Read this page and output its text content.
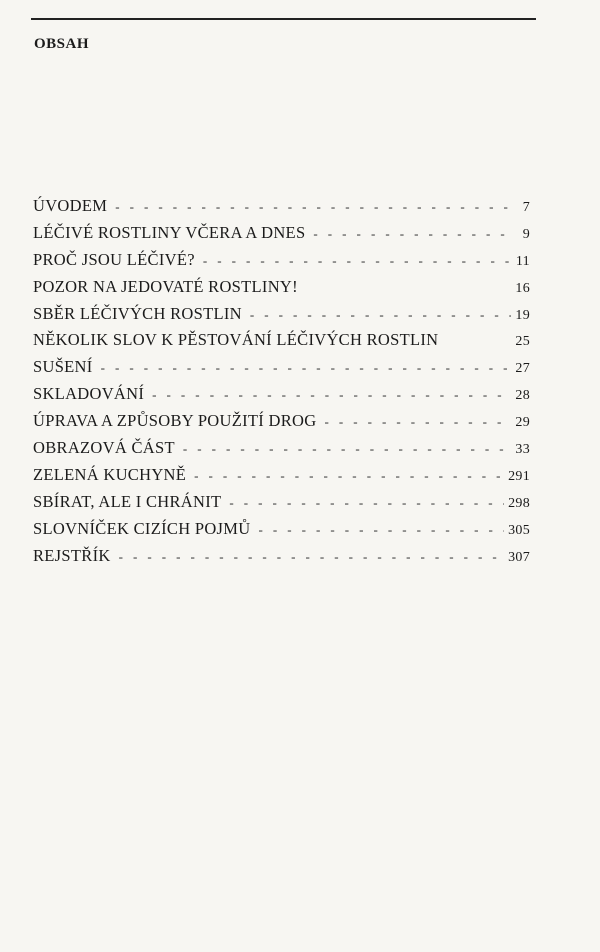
OBSAH
ÚVODEM - - -	7
LÉČIVÉ ROSTLINY VČERA A DNES - - -	9
PROČ JSOU LÉČIVÉ? - - -	11
POZOR NA JEDOVATÉ ROSTLINY!	16
SBĚR LÉČIVÝCH ROSTLIN - - -	19
NĚKOLIK SLOV K PĚSTOVÁNÍ LÉČIVÝCH ROSTLIN	25
SUŠENÍ - - -	27
SKLADOVÁNÍ - - -	28
ÚPRAVA A ZPŮSOBY POUŽITÍ DROG - - -	29
OBRAZOVÁ ČÁST - - -	33
ZELENÁ KUCHYNĚ - - -	291
SBÍRAT, ALE I CHRÁNIT - - -	298
SLOVNÍČEK CIZÍCH POJMŮ - - -	305
REJSTŘÍK - - -	307
